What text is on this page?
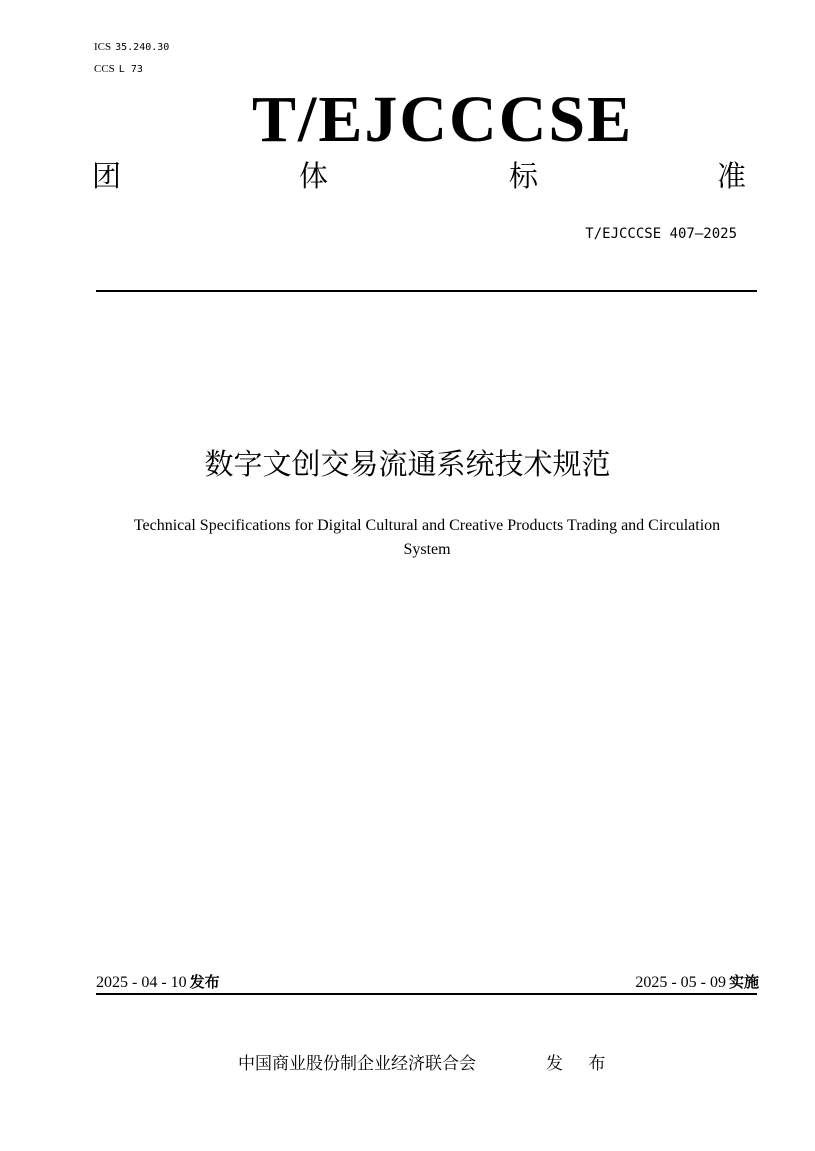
ICS 35.240.30
CCS L 73
T/EJCCCSE
团	体	标	准
T/EJCCCSE 407—2025
数字文创交易流通系统技术规范
Technical Specifications for Digital Cultural and Creative Products Trading and Circulation System
2025 - 04 - 10 发布	2025 - 05 - 09 实施
中国商业股份制企业经济联合会	发 布
